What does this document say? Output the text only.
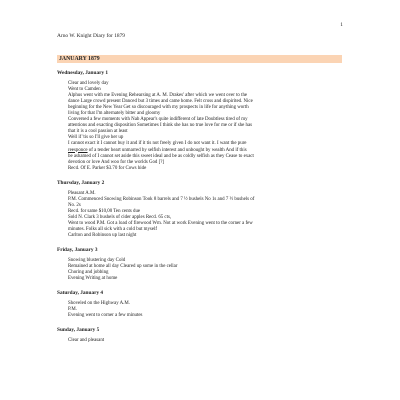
1
Arno W. Knight Diary for 1879
JANUARY 1879
Wednesday, January 1
Clear and lovely day
Went to Camden
Alphus went with me Evening Rehearsing at A. M. Drakes' after which we went over to the
dance Large crowd present Danced but 3 times and came home. Felt cross and dispirited. Nice
beginning for the New Year Get so discouraged with my prospects in life for anything worth
living for that I'm alternately bitter and gloomy
Conversed a few moments with Nab Appear's quite indifferent of late Doubtless tired of my
attentions and exacting disposition Sometimes I think she has no true love for me or if she has
that it is a cool passion at least
Well if 'tis so I'll give her up
I cannot exact it I cannot buy it and if it tis not freely given I do not want it. I want the pure
reesponce of a tender heart unmarred by selfish interest and unbought by wealth And if this
be ashamed of I cannot set aside this sweet ideal and be as coldly selfish as they Cease to exact
devotion or love And woo for the worlds God [?]
Recd. Of E. Parker $3.70 for Cows hide
Thursday, January 2
Pleasant A.M.
P.M. Commenced Snowing Robinson Took 8 barrels and 7 ½ bushels No 1s and 7 ½ bushels of
No. 2s
Recd. for same $10,00 Ten cents due
Sold N. Clark 3 bushels of cider apples Recd. 65 cts,
Went to wood P.M. Got a load of firewood Wm. Not at work Evening went to the corner a few
minutes. Folks all sick with a cold but myself
Carlton and Robinson up last night
Friday, January 3
Snowing blustering day Cold
Remained at home all day Cleared up some in the cellar
Choring and jobbing
Evening Writing at home
Saturday, January 4
Shoveled on the Highway A.M.
P.M.
Evening went to corner a few minutes
Sunday, January 5
Clear and pleasant
